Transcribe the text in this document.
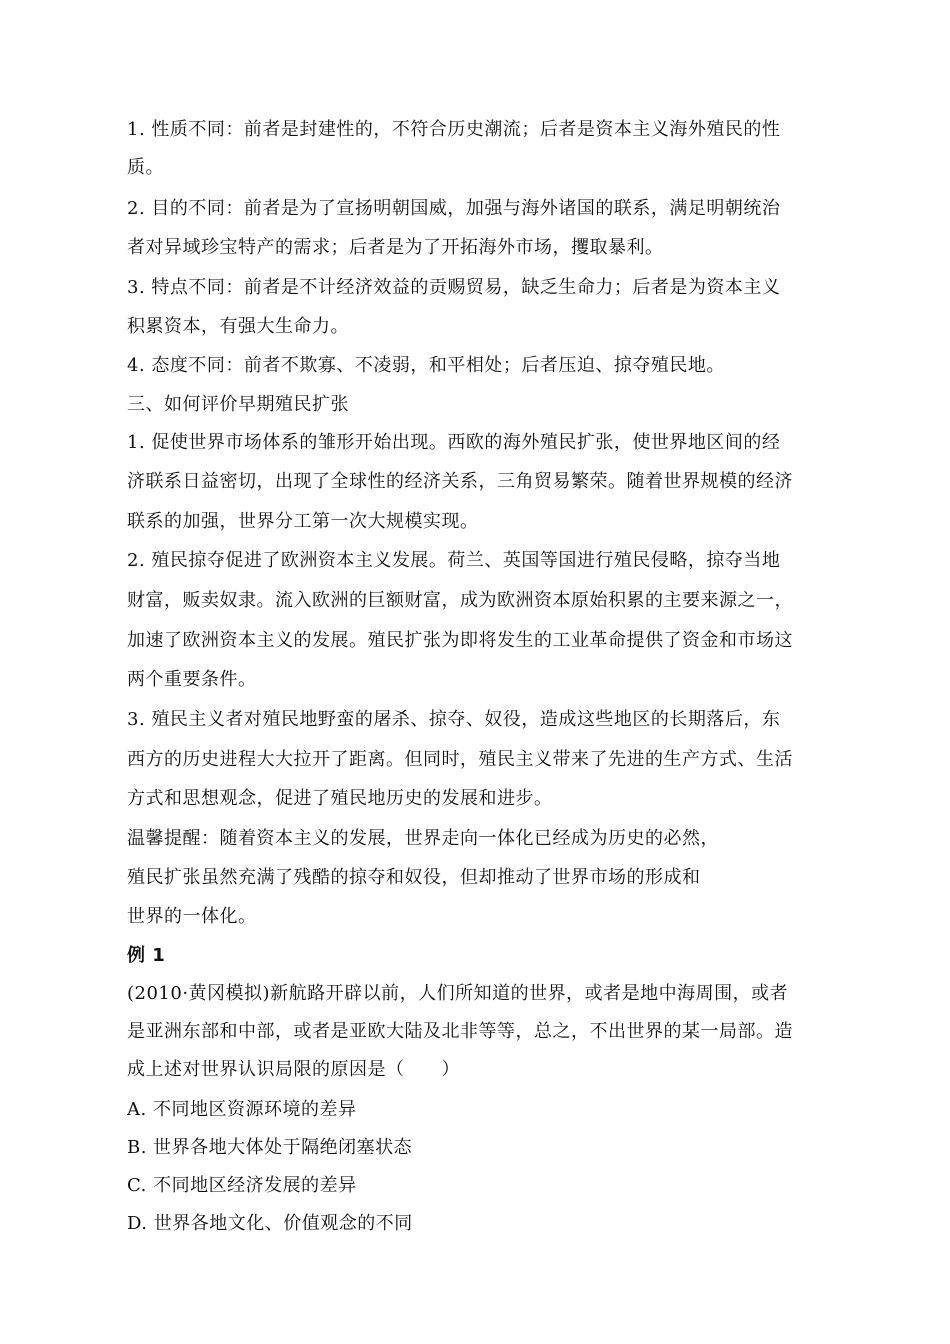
1. 性质不同：前者是封建性的，不符合历史潮流；后者是资本主义海外殖民的性
质。
2. 目的不同：前者是为了宣扬明朝国威，加强与海外诸国的联系，满足明朝统治
者对异域珍宝特产的需求；后者是为了开拓海外市场，攫取暴利。
3. 特点不同：前者是不计经济效益的贡赐贸易，缺乏生命力；后者是为资本主义
积累资本，有强大生命力。
4. 态度不同：前者不欺寡、不凌弱，和平相处；后者压迫、掠夺殖民地。
三、如何评价早期殖民扩张
1. 促使世界市场体系的雏形开始出现。西欧的海外殖民扩张，使世界地区间的经
济联系日益密切，出现了全球性的经济关系，三角贸易繁荣。随着世界规模的经济
联系的加强，世界分工第一次大规模实现。
2. 殖民掠夺促进了欧洲资本主义发展。荷兰、英国等国进行殖民侵略，掠夺当地
财富，贩卖奴隶。流入欧洲的巨额财富，成为欧洲资本原始积累的主要来源之一，
加速了欧洲资本主义的发展。殖民扩张为即将发生的工业革命提供了资金和市场这
两个重要条件。
3. 殖民主义者对殖民地野蛮的屠杀、掠夺、奴役，造成这些地区的长期落后，东
西方的历史进程大大拉开了距离。但同时，殖民主义带来了先进的生产方式、生活
方式和思想观念，促进了殖民地历史的发展和进步。
温馨提醒：随着资本主义的发展，世界走向一体化已经成为历史的必然，
殖民扩张虽然充满了残酷的掠夺和奴役，但却推动了世界市场的形成和
世界的一体化。
例 1
(2010·黄冈模拟)新航路开辟以前，人们所知道的世界，或者是地中海周围，或者
是亚洲东部和中部，或者是亚欧大陆及北非等等，总之，不出世界的某一局部。造
成上述对世界认识局限的原因是（　　）
A. 不同地区资源环境的差异
B. 世界各地大体处于隔绝闭塞状态
C. 不同地区经济发展的差异
D. 世界各地文化、价值观念的不同
